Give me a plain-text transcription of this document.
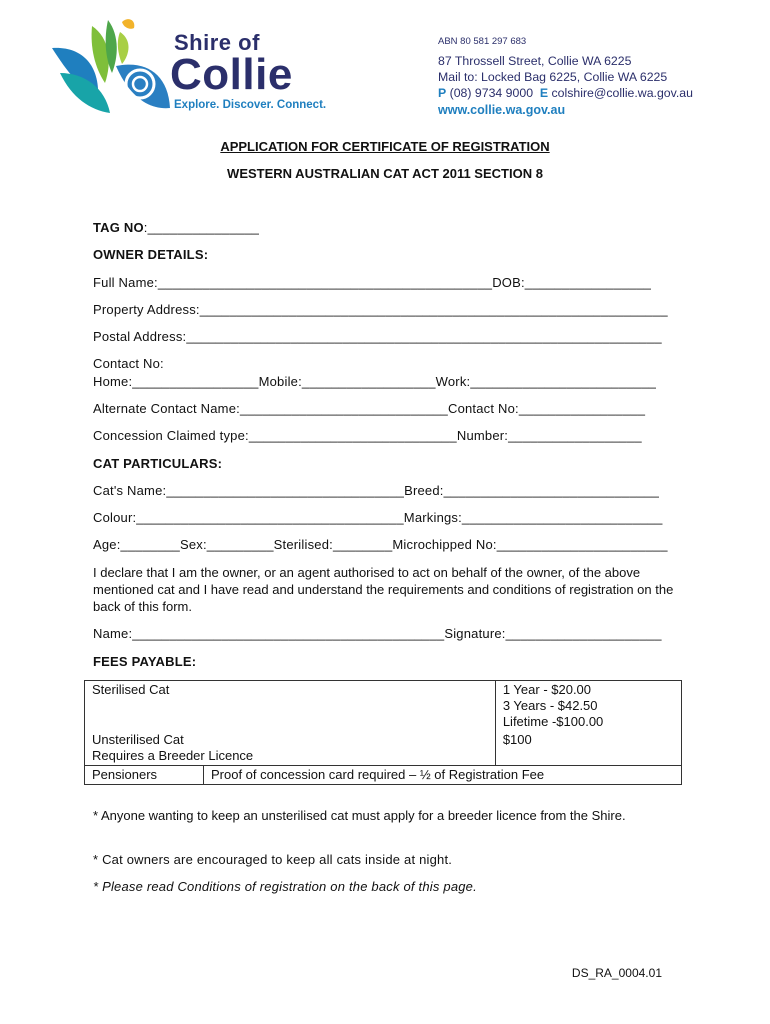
Shire of
Collie
Explore. Discover. Connect.
ABN 80 581 297 683
87 Throssell Street, Collie WA 6225
Mail to: Locked Bag 6225, Collie WA 6225
P (08) 9734 9000 E colshire@collie.wa.gov.au
www.collie.wa.gov.au
APPLICATION FOR CERTIFICATE OF REGISTRATION
WESTERN AUSTRALIAN CAT ACT 2011 SECTION 8
TAG NO:_______________
OWNER DETAILS:
Full Name:_____________________________________________DOB:_________________
Property Address:_______________________________________________________________
Postal Address:________________________________________________________________
Contact No:
Home:_________________Mobile:__________________Work:_________________________
Alternate Contact Name:____________________________Contact No:_________________
Concession Claimed type:____________________________Number:__________________
CAT PARTICULARS:
Cat's Name:________________________________Breed:_____________________________
Colour:____________________________________Markings:___________________________
Age:________Sex:_________Sterilised:________Microchipped No:_______________________
I declare that I am the owner, or an agent authorised to act on behalf of the owner, of the above mentioned cat and I have read and understand the requirements and conditions of registration on the back of this form.
Name:__________________________________________Signature:_____________________
FEES PAYABLE:
Sterilised Cat		1 Year - $20.00
3 Years - $42.50
Lifetime -$100.00

Unsterilised Cat
Requires a Breeder Licence		$100
Pensioners	Proof of concession card required – ½ of Registration Fee	
* Anyone wanting to keep an unsterilised cat must apply for a breeder licence from the Shire.
* Cat owners are encouraged to keep all cats inside at night.
* Please read Conditions of registration on the back of this page.
DS_RA_0004.01
